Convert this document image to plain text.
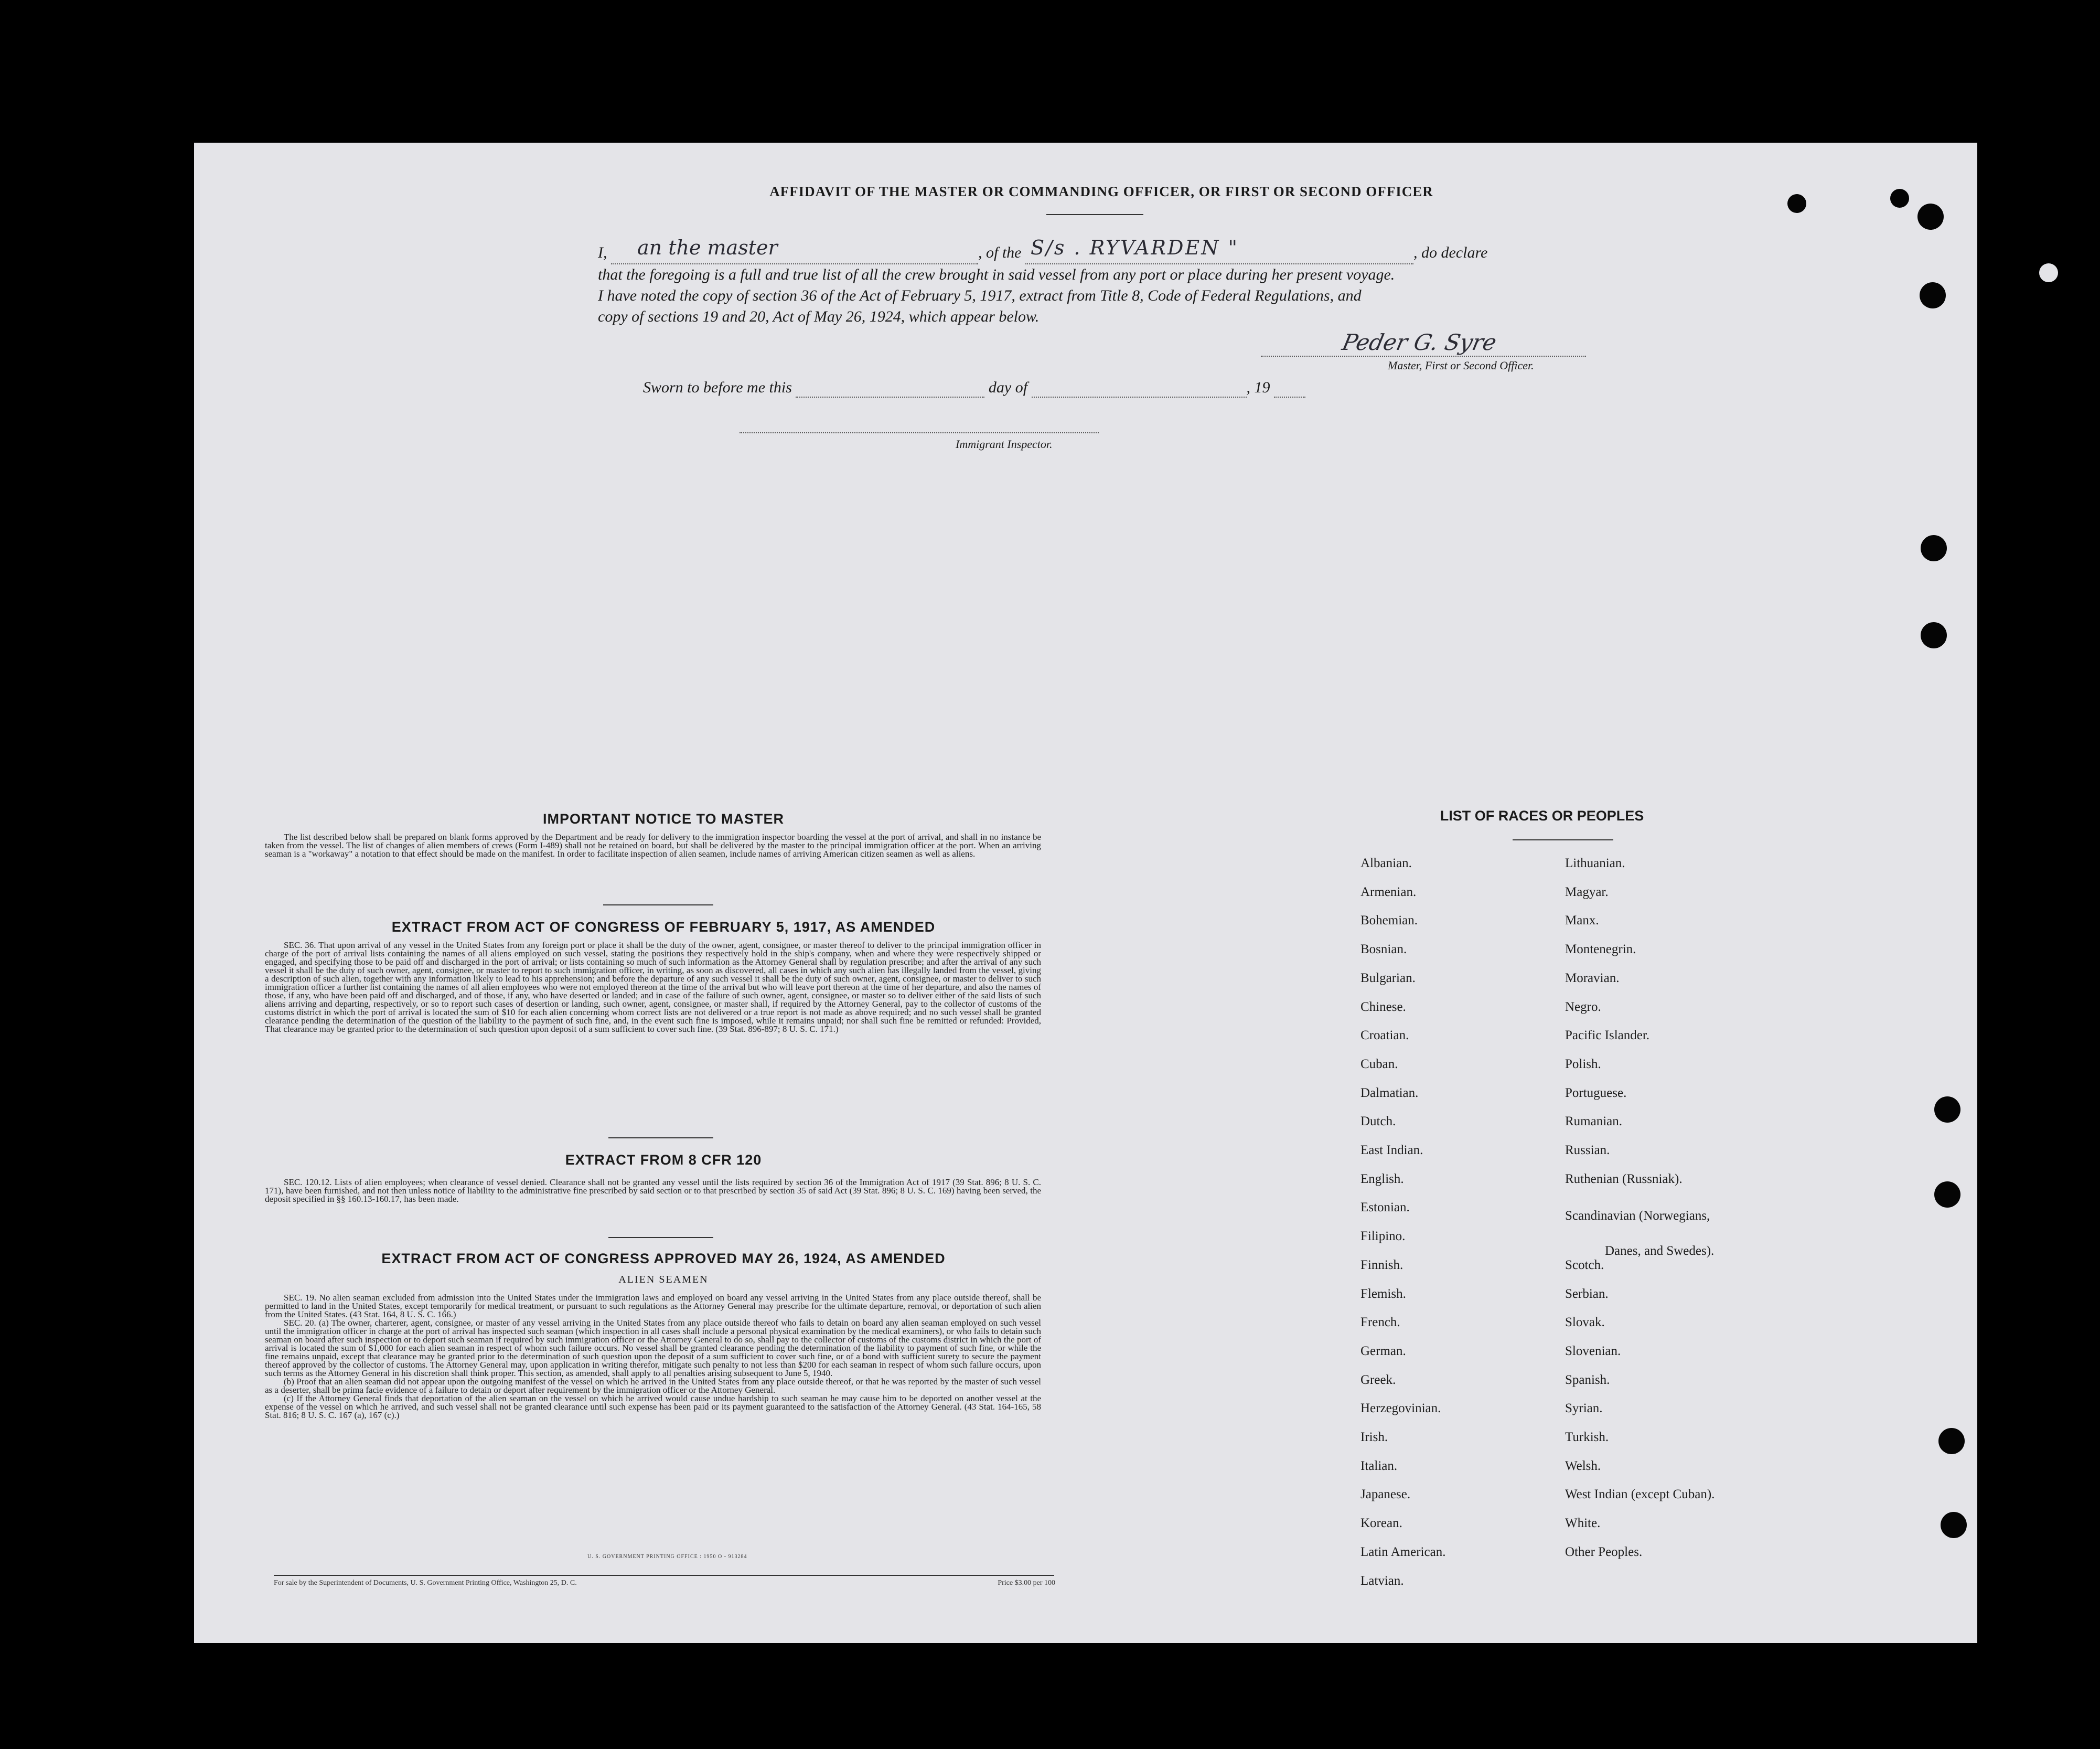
AFFIDAVIT OF THE MASTER OR COMMANDING OFFICER, OR FIRST OR SECOND OFFICER
I, an the master	, of the S/s . RYVARDEN "	, do declare
that the foregoing is a full and true list of all the crew brought in said vessel from any port or place during her present voyage.
I have noted the copy of section 36 of the Act of February 5, 1917, extract from Title 8, Code of Federal Regulations, and
copy of sections 19 and 20, Act of May 26, 1924, which appear below.
Peder G. Syre
Master, First or Second Officer.
Sworn to before me this	day of	, 19
Immigrant Inspector.
IMPORTANT NOTICE TO MASTER

The list described below shall be prepared on blank forms approved by the Department and be ready for delivery to the immigration inspector boarding the vessel at the port of arrival, and shall in no instance be taken from the vessel. The list of changes of alien members of crews (Form I-489) shall not be retained on board, but shall be delivered by the master to the principal immigration officer at the port. When an arriving seaman is a "workaway" a notation to that effect should be made on the manifest. In order to facilitate inspection of alien seamen, include names of arriving American citizen seamen as well as aliens.

EXTRACT FROM ACT OF CONGRESS OF FEBRUARY 5, 1917, AS AMENDED

SEC. 36. That upon arrival of any vessel in the United States from any foreign port or place it shall be the duty of the owner, agent, consignee, or master thereof to deliver to the principal immigration officer in charge of the port of arrival lists containing the names of all aliens employed on such vessel, stating the positions they respectively hold in the ship's company, when and where they were respectively shipped or engaged, and specifying those to be paid off and discharged in the port of arrival; or lists containing so much of such information as the Attorney General shall by regulation prescribe; and after the arrival of any such vessel it shall be the duty of such owner, agent, consignee, or master to report to such immigration officer, in writing, as soon as discovered, all cases in which any such alien has illegally landed from the vessel, giving a description of such alien, together with any information likely to lead to his apprehension; and before the departure of any such vessel it shall be the duty of such owner, agent, consignee, or master to deliver to such immigration officer a further list containing the names of all alien employees who were not employed thereon at the time of the arrival but who will leave port thereon at the time of her departure, and also the names of those, if any, who have been paid off and discharged, and of those, if any, who have deserted or landed; and in case of the failure of such owner, agent, consignee, or master so to deliver either of the said lists of such aliens arriving and departing, respectively, or so to report such cases of desertion or landing, such owner, agent, consignee, or master shall, if required by the Attorney General, pay to the collector of customs of the customs district in which the port of arrival is located the sum of $10 for each alien concerning whom correct lists are not delivered or a true report is not made as above required; and no such vessel shall be granted clearance pending the determination of the question of the liability to the payment of such fine, and, in the event such fine is imposed, while it remains unpaid; nor shall such fine be remitted or refunded: Provided, That clearance may be granted prior to the determination of such question upon deposit of a sum sufficient to cover such fine. (39 Stat. 896-897; 8 U. S. C. 171.)

EXTRACT FROM 8 CFR 120

SEC. 120.12. Lists of alien employees; when clearance of vessel denied. Clearance shall not be granted any vessel until the lists required by section 36 of the Immigration Act of 1917 (39 Stat. 896; 8 U. S. C. 171), have been furnished, and not then unless notice of liability to the administrative fine prescribed by said section or to that prescribed by section 35 of said Act (39 Stat. 896; 8 U. S. C. 169) having been served, the deposit specified in §§ 160.13-160.17, has been made.

EXTRACT FROM ACT OF CONGRESS APPROVED MAY 26, 1924, AS AMENDED
ALIEN SEAMEN

SEC. 19. No alien seaman excluded from admission into the United States under the immigration laws and employed on board any vessel arriving in the United States from any place outside thereof, shall be permitted to land in the United States, except temporarily for medical treatment, or pursuant to such regulations as the Attorney General may prescribe for the ultimate departure, removal, or deportation of such alien from the United States. (43 Stat. 164, 8 U. S. C. 166.)

SEC. 20. (a) The owner, charterer, agent, consignee, or master of any vessel arriving in the United States from any place outside thereof who fails to detain on board any alien seaman employed on such vessel until the immigration officer in charge at the port of arrival has inspected such seaman (which inspection in all cases shall include a personal physical examination by the medical examiners), or who fails to detain such seaman on board after such inspection or to deport such seaman if required by such immigration officer or the Attorney General to do so, shall pay to the collector of customs of the customs district in which the port of arrival is located the sum of $1,000 for each alien seaman in respect of whom such failure occurs. No vessel shall be granted clearance pending the determination of the liability to payment of such fine, or while the fine remains unpaid, except that clearance may be granted prior to the determination of such question upon the deposit of a sum sufficient to cover such fine, or of a bond with sufficient surety to secure the payment thereof approved by the collector of customs. The Attorney General may, upon application in writing therefor, mitigate such penalty to not less than $200 for each seaman in respect of whom such failure occurs, upon such terms as the Attorney General in his discretion shall think proper. This section, as amended, shall apply to all penalties arising subsequent to June 5, 1940.

(b) Proof that an alien seaman did not appear upon the outgoing manifest of the vessel on which he arrived in the United States from any place outside thereof, or that he was reported by the master of such vessel as a deserter, shall be prima facie evidence of a failure to detain or deport after requirement by the immigration officer or the Attorney General.

(c) If the Attorney General finds that deportation of the alien seaman on the vessel on which he arrived would cause undue hardship to such seaman he may cause him to be deported on another vessel at the expense of the vessel on which he arrived, and such vessel shall not be granted clearance until such expense has been paid or its payment guaranteed to the satisfaction of the Attorney General. (43 Stat. 164-165, 58 Stat. 816; 8 U. S. C. 167 (a), 167 (c).)

U. S. GOVERNMENT PRINTING OFFICE : 1950 O - 913284
For sale by the Superintendent of Documents, U. S. Government Printing Office, Washington 25, D. C.	Price $3.00 per 100
LIST OF RACES OR PEOPLES
Albanian.
Armenian.
Bohemian.
Bosnian.
Bulgarian.
Chinese.
Croatian.
Cuban.
Dalmatian.
Dutch.
East Indian.
English.
Estonian.
Filipino.
Finnish.
Flemish.
French.
German.
Greek.
Herzegovinian.
Irish.
Italian.
Japanese.
Korean.
Latin American.
Latvian.
Lithuanian.
Magyar.
Manx.
Montenegrin.
Moravian.
Negro.
Pacific Islander.
Polish.
Portuguese.
Rumanian.
Russian.
Ruthenian (Russniak).
Scandinavian (Norwegians,
Danes, and Swedes).
Scotch.
Serbian.
Slovak.
Slovenian.
Spanish.
Syrian.
Turkish.
Welsh.
West Indian (except Cuban).
White.
Other Peoples.
